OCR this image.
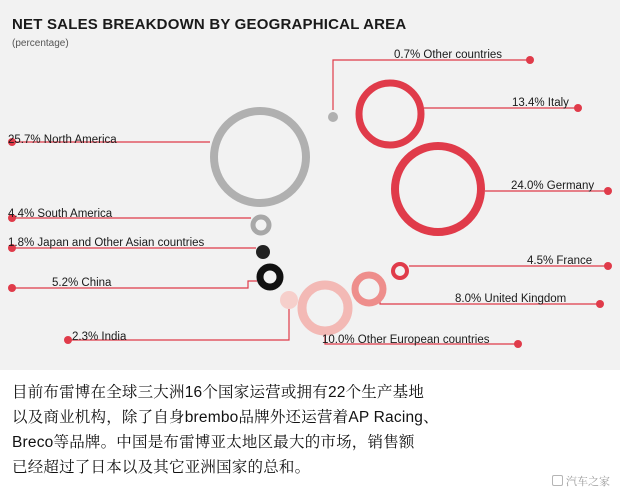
NET SALES BREAKDOWN BY GEOGRAPHICAL AREA
(percentage)
0.7% Other countries
13.4% Italy
25.7% North America
24.0% Germany
4.4% South America
1.8% Japan and Other Asian countries
4.5% France
5.2% China
8.0% United Kingdom
2.3% India	10.0% Other European countries

目前布雷博在全球三大洲16个国家运营或拥有22个生产基地

以及商业机构，除了自身brembo品牌外还运营着AP Racing、

Breco等品牌。中国是布雷博亚太地区最大的市场，销售额

已经超过了日本以及其它亚洲国家的总和。

汽车之家
